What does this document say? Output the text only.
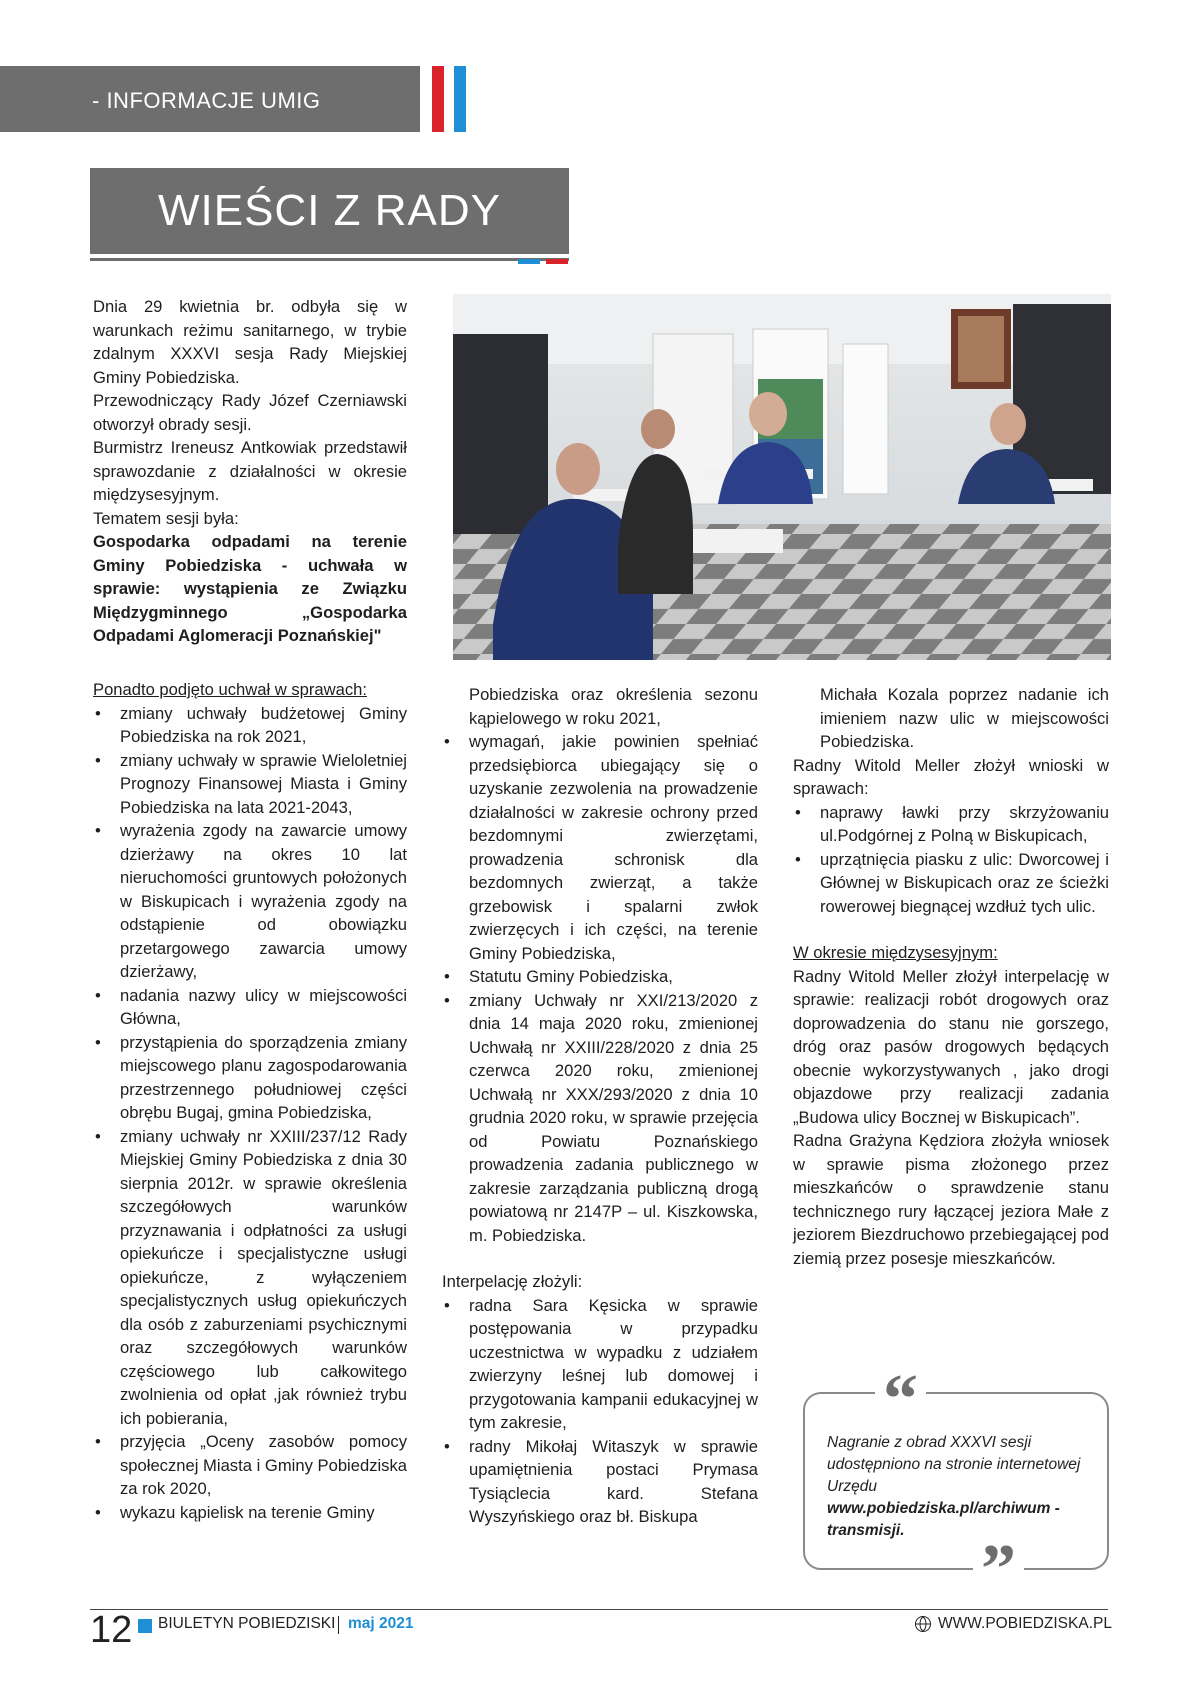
- INFORMACJE UMIG
WIEŚCI Z RADY

Dnia 29 kwietnia br. odbyła się w warunkach reżimu sanitarnego, w trybie zdalnym XXXVI sesja Rady Miejskiej Gminy Pobiedziska.

Przewodniczący Rady Józef Czerniawski otworzył obrady sesji.

Burmistrz Ireneusz Antkowiak przedstawił sprawozdanie z działalności w okresie międzysesyjnym.

Tematem sesji była:

Gospodarka odpadami na terenie Gminy Pobiedziska - uchwała w sprawie: wystąpienia ze Związku Międzygminnego „Gospodarka Odpadami Aglomeracji Poznańskiej"

Ponadto podjęto uchwał w sprawach:

• zmiany uchwały budżetowej Gminy Pobiedziska na rok 2021,
• zmiany uchwały w sprawie Wieloletniej Prognozy Finansowej Miasta i Gminy Pobiedziska na lata 2021-2043,
• wyrażenia zgody na zawarcie umowy dzierżawy na okres 10 lat nieruchomości gruntowych położonych w Biskupicach i wyrażenia zgody na odstąpienie od obowiązku przetargowego zawarcia umowy dzierżawy,
• nadania nazwy ulicy w miejscowości Główna,
• przystąpienia do sporządzenia zmiany miejscowego planu zagospodarowania przestrzennego południowej części obrębu Bugaj, gmina Pobiedziska,
• zmiany uchwały nr XXIII/237/12 Rady Miejskiej Gminy Pobiedziska z dnia 30 sierpnia 2012r. w sprawie określenia szczegółowych warunków przyznawania i odpłatności za usługi opiekuńcze i specjalistyczne usługi opiekuńcze, z wyłączeniem specjalistycznych usług opiekuńczych dla osób z zaburzeniami psychicznymi oraz szczegółowych warunków częściowego lub całkowitego zwolnienia od opłat ,jak również trybu ich pobierania,
• przyjęcia „Oceny zasobów pomocy społecznej Miasta i Gminy Pobiedziska za rok 2020,
• wykazu kąpielisk na terenie Gminy

Pobiedziska oraz określenia sezonu kąpielowego w roku 2021,

• wymagań, jakie powinien spełniać przedsiębiorca ubiegający się o uzyskanie zezwolenia na prowadzenie działalności w zakresie ochrony przed bezdomnymi zwierzętami, prowadzenia schronisk dla bezdomnych zwierząt, a także grzebowisk i spalarni zwłok zwierzęcych i ich części, na terenie Gminy Pobiedziska,
• Statutu Gminy Pobiedziska,
• zmiany Uchwały nr XXI/213/2020 z dnia 14 maja 2020 roku, zmienionej Uchwałą nr XXIII/228/2020 z dnia 25 czerwca 2020 roku, zmienionej Uchwałą nr XXX/293/2020 z dnia 10 grudnia 2020 roku, w sprawie przejęcia od Powiatu Poznańskiego prowadzenia zadania publicznego w zakresie zarządzania publiczną drogą powiatową nr 2147P – ul. Kiszkowska, m. Pobiedziska.

Interpelację złożyli:

• radna Sara Kęsicka w sprawie postępowania w przypadku uczestnictwa w wypadku z udziałem zwierzyny leśnej lub domowej i przygotowania kampanii edukacyjnej w tym zakresie,
• radny Mikołaj Witaszyk w sprawie upamiętnienia postaci Prymasa Tysiąclecia kard. Stefana Wyszyńskiego oraz bł. Biskupa

Michała Kozala poprzez nadanie ich imieniem nazw ulic w miejscowości Pobiedziska.

Radny Witold Meller złożył wnioski w sprawach:

• naprawy ławki przy skrzyżowaniu ul.Podgórnej z Polną w Biskupicach,
• uprzątnięcia piasku z ulic: Dworcowej i Głównej w Biskupicach oraz ze ścieżki rowerowej biegnącej wzdłuż tych ulic.

W okresie międzysesyjnym:

Radny Witold Meller złożył interpelację w sprawie: realizacji robót drogowych oraz doprowadzenia do stanu nie gorszego, dróg oraz pasów drogowych będących obecnie wykorzystywanych , jako drogi objazdowe przy realizacji zadania „Budowa ulicy Bocznej w Biskupicach”.

Radna Grażyna Kędziora złożyła wniosek w sprawie pisma złożonego przez mieszkańców o sprawdzenie stanu technicznego rury łączącej jeziora Małe z jeziorem Biezdruchowo przebiegającej pod ziemią przez posesje mieszkańców.

“
Nagranie z obrad XXXVI sesji udostępniono na stronie internetowej Urzędu
www.pobiedziska.pl/archiwum -transmisji.
”
12 BIULETYN POBIEDZISKI maj 2021	WWW.POBIEDZISKA.PL
